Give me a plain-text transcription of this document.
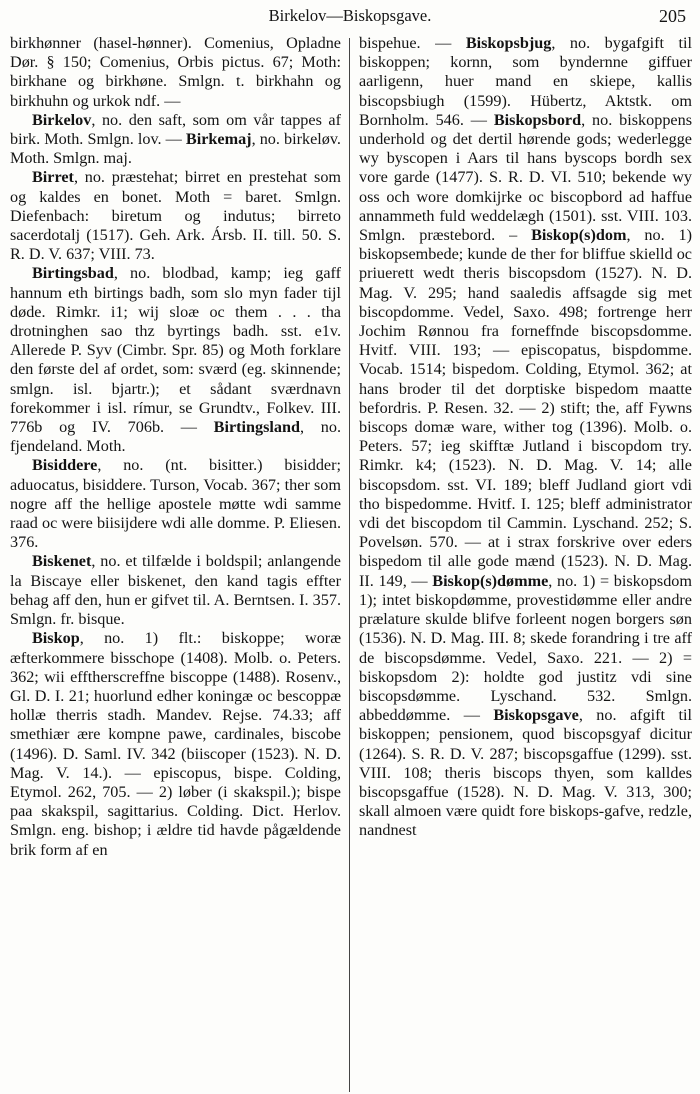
Birkelov—Biskopsgave.	205

birkhønner (hasel-hønner). Comenius, Opladne Dør. § 150; Comenius, Orbis pictus. 67; Moth: birkhane og birkhøne. Smlgn. t. birkhahn og birkhuhn og urkok ndf. —

Birkelov, no. den saft, som om vår tappes af birk. Moth. Smlgn. lov. — Birkemaj, no. birkeløv. Moth. Smlgn. maj.

Birret, no. præstehat; birret en prestehat som og kaldes en bonet. Moth = baret. Smlgn. Diefenbach: biretum og indutus; birreto sacerdotalj (1517). Geh. Ark. Ársb. II. till. 50. S. R. D. V. 637; VIII. 73.

Birtingsbad, no. blodbad, kamp; ieg gaff hannum eth birtings badh, som slo myn fader tijl døde. Rimkr. i1; wij sloæ oc them . . . tha drotninghen sao thz byrtings badh. sst. e1v. Allerede P. Syv (Cimbr. Spr. 85) og Moth forklare den første del af ordet, som: sværd (eg. skinnende; smlgn. isl. bjartr.); et sådant sværdnavn forekommer i isl. rímur, se Grundtv., Folkev. III. 776b og IV. 706b. — Birtingsland, no. fjendeland. Moth.

Bisiddere, no. (nt. bisitter.) bisidder; aduocatus, bisiddere. Turson, Vocab. 367; ther som nogre aff the hellige apostele møtte wdi samme raad oc were biisijdere wdi alle domme. P. Eliesen. 376.

Biskenet, no. et tilfælde i boldspil; anlangende la Biscaye eller biskenet, den kand tagis effter behag aff den, hun er gifvet til. A. Berntsen. I. 357. Smlgn. fr. bisque.

Biskop, no. 1) flt.: biskoppe; woræ æfterkommere bisschope (1408). Molb. o. Peters. 362; wii efftherscreffne biscoppe (1488). Rosenv., Gl. D. I. 21; huorlund edher koningæ oc bescoppæ hollæ therris stadh. Mandev. Rejse. 74.33; aff smethiær ære kompne pawe, cardinales, biscobe (1496). D. Saml. IV. 342 (biiscoper (1523). N. D. Mag. V. 14.). — episcopus, bispe. Colding, Etymol. 262, 705. — 2) løber (i skakspil.); bispe paa skakspil, sagittarius. Colding. Dict. Herlov. Smlgn. eng. bishop; i ældre tid havde pågældende brik form af en

bispehue. — Biskopsbjug, no. bygafgift til biskoppen; kornn, som byndernne giffuer aarligenn, huer mand en skiepe, kallis biscopsbiugh (1599). Hübertz, Aktstk. om Bornholm. 546. — Biskopsbord, no. biskoppens underhold og det dertil hørende gods; wederlegge wy byscopen i Aars til hans byscops bordh sex vore garde (1477). S. R. D. VI. 510; bekende wy oss och wore domkijrke oc biscopbord ad haffue annammeth fuld weddelægh (1501). sst. VIII. 103. Smlgn. præstebord. – Biskop(s)dom, no. 1) biskopsembede; kunde de ther for bliffue skielld oc priuerett wedt theris biscopsdom (1527). N. D. Mag. V. 295; hand saaledis affsagde sig met biscopdomme. Vedel, Saxo. 498; fortrenge herr Jochim Rønnou fra forneffnde biscopsdomme. Hvitf. VIII. 193; — episcopatus, bispdomme. Vocab. 1514; bispedom. Colding, Etymol. 362; at hans broder til det dorptiske bispedom maatte befordris. P. Resen. 32. — 2) stift; the, aff Fywns biscops domæ ware, wither tog (1396). Molb. o. Peters. 57; ieg skifftæ Jutland i biscopdom try. Rimkr. k4; (1523). N. D. Mag. V. 14; alle biscopsdom. sst. VI. 189; bleff Judland giort vdi tho bispedomme. Hvitf. I. 125; bleff administrator vdi det biscopdom til Cammin. Lyschand. 252; S. Povelsøn. 570. — at i strax forskrive over eders bispedom til alle gode mænd (1523). N. D. Mag. II. 149, — Biskop(s)dømme, no. 1) = biskopsdom 1); intet biskopdømme, provestidømme eller andre prælature skulde blifve forleent nogen borgers søn (1536). N. D. Mag. III. 8; skede forandring i tre aff de biscopsdømme. Vedel, Saxo. 221. — 2) = biskopsdom 2): holdte god justitz vdi sine biscopsdømme. Lyschand. 532. Smlgn. abbeddømme. — Biskopsgave, no. afgift til biskoppen; pensionem, quod biscopsgyaf dicitur (1264). S. R. D. V. 287; biscopsgaffue (1299). sst. VIII. 108; theris biscops thyen, som kalldes biscopsgaffue (1528). N. D. Mag. V. 313, 300; skall almoen være quidt fore biskops-gafve, redzle, nandnest
